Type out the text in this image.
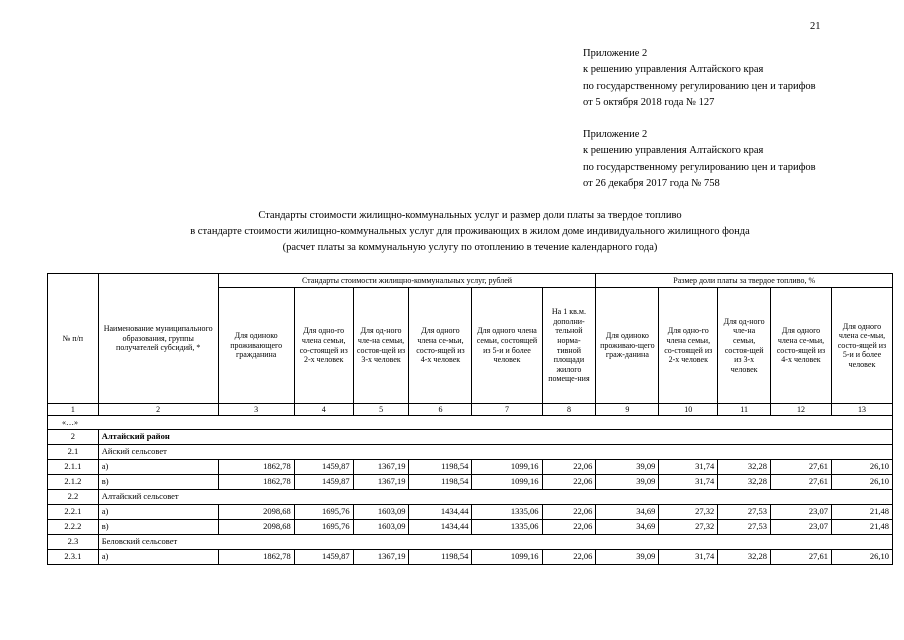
21
Приложение 2
к решению управления Алтайского края
по государственному регулированию цен и тарифов
от 5 октября 2018 года № 127
Приложение 2
к решению управления Алтайского края
по государственному регулированию цен и тарифов
от 26 декабря 2017 года № 758
Стандарты стоимости жилищно-коммунальных услуг и размер доли платы за твердое топливо
в стандарте стоимости жилищно-коммунальных услуг для проживающих в жилом доме индивидуального жилищного фонда
(расчет платы за коммунальную услугу по отоплению в течение календарного года)
№ п/п	Наименование муниципального образования, группы получателей субсидий, *	Стандарты стоимости жилищно-коммунальных услуг, рублей						Размер доли платы за твердое топливо, %				
		Для одиноко проживающего гражданина	Для одно-го члена семьи, со-стоящей из 2-х человек	Для од-ного чле-на семьи, состоя-щей из 3-х человек	Для одного члена се-мьи, состо-ящей из 4-х человек	Для одного члена семьи, состоящей из 5-и и более человек	На 1 кв.м. дополни-тельной норма-тивной площади жилого помеще-ния	Для одиноко проживаю-щего граж-данина	Для одно-го члена семьи, со-стоящей из 2-х человек	Для од-ного чле-на семьи, состоя-щей из 3-х человек	Для одного члена се-мьи, состо-ящей из 4-х человек	Для одного члена се-мьи, состо-ящей из 5-и и более человек
1	2	3	4	5	6	7	8	9	10	11	12	13
«…»												
2	Алтайский район											
2.1	Айский сельсовет											
2.1.1	а)	1862,78	1459,87	1367,19	1198,54	1099,16	22,06	39,09	31,74	32,28	27,61	26,10
2.1.2	в)	1862,78	1459,87	1367,19	1198,54	1099,16	22,06	39,09	31,74	32,28	27,61	26,10
2.2	Алтайский сельсовет											
2.2.1	а)	2098,68	1695,76	1603,09	1434,44	1335,06	22,06	34,69	27,32	27,53	23,07	21,48
2.2.2	в)	2098,68	1695,76	1603,09	1434,44	1335,06	22,06	34,69	27,32	27,53	23,07	21,48
2.3	Беловский сельсовет											
2.3.1	а)	1862,78	1459,87	1367,19	1198,54	1099,16	22,06	39,09	31,74	32,28	27,61	26,10
